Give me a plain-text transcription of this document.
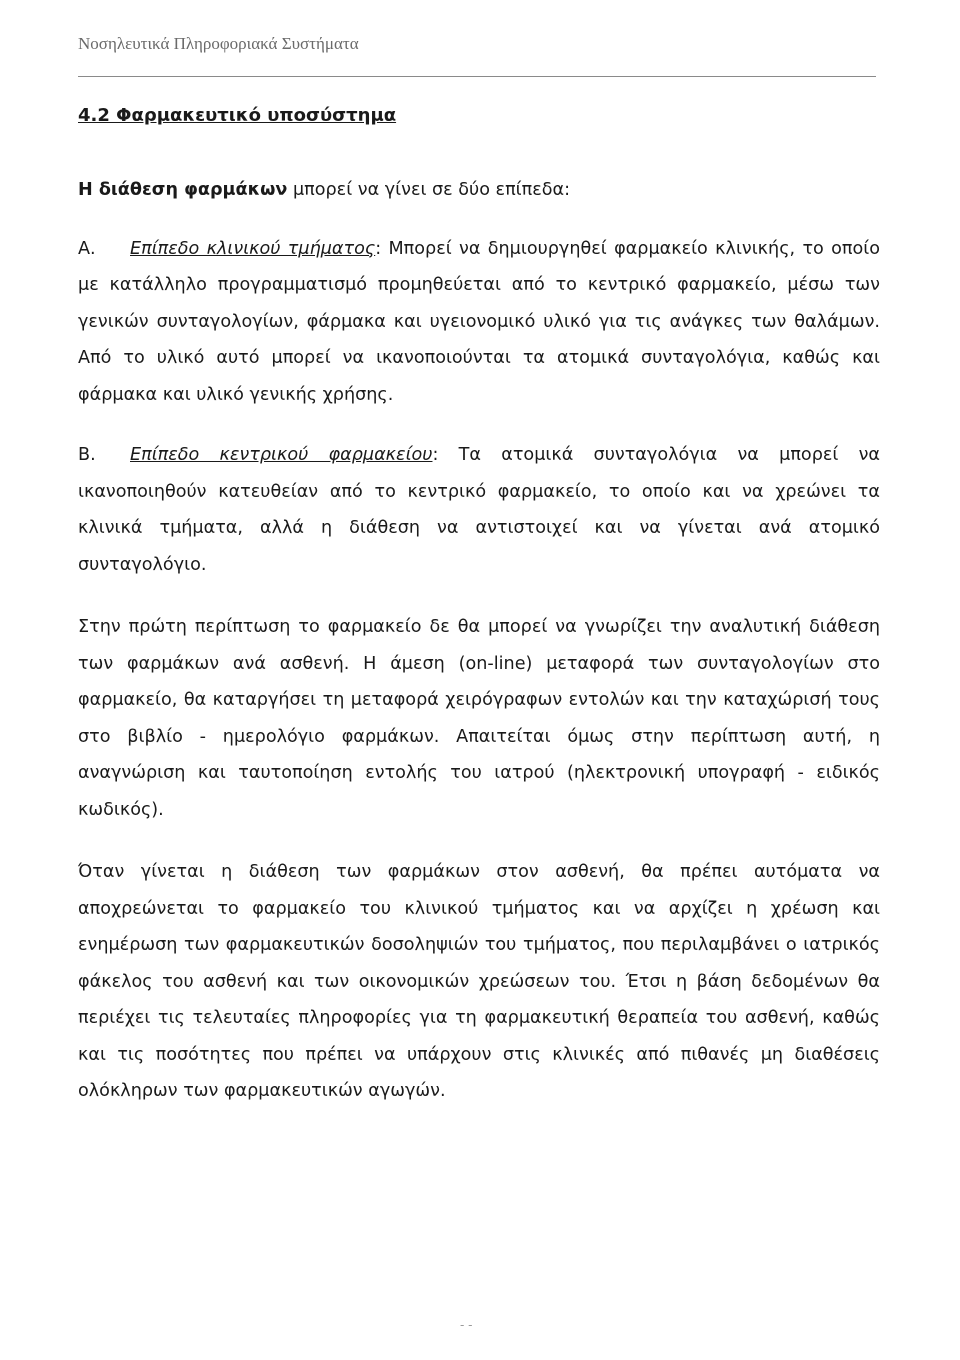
Νοσηλευτικά Πληροφοριακά Συστήματα
4.2 Φαρμακευτικό υποσύστημα

Η διάθεση φαρμάκων μπορεί να γίνει σε δύο επίπεδα:

Α. Επίπεδο κλινικού τμήματος: Μπορεί να δημιουργηθεί φαρμακείο κλινικής, το οποίο με κατάλληλο προγραμματισμό προμηθεύεται από το κεντρικό φαρμακείο, μέσω των γενικών συνταγολογίων, φάρμακα και υγειονομικό υλικό για τις ανάγκες των θαλάμων. Από το υλικό αυτό μπορεί να ικανοποιούνται τα ατομικά συνταγολόγια, καθώς και φάρμακα και υλικό γενικής χρήσης.

Β. Επίπεδο κεντρικού φαρμακείου: Τα ατομικά συνταγολόγια να μπορεί να ικανοποιηθούν κατευθείαν από το κεντρικό φαρμακείο, το οποίο και να χρεώνει τα κλινικά τμήματα, αλλά η διάθεση να αντιστοιχεί και να γίνεται ανά ατομικό συνταγολόγιο.

Στην πρώτη περίπτωση το φαρμακείο δε θα μπορεί να γνωρίζει την αναλυτική διάθεση των φαρμάκων ανά ασθενή. Η άμεση (on-line) μεταφορά των συνταγολογίων στο φαρμακείο, θα καταργήσει τη μεταφορά χειρόγραφων εντολών και την καταχώρισή τους στο βιβλίο - ημερολόγιο φαρμάκων. Απαιτείται όμως στην περίπτωση αυτή, η αναγνώριση και ταυτοποίηση εντολής του ιατρού (ηλεκτρονική υπογραφή - ειδικός κωδικός).

Όταν γίνεται η διάθεση των φαρμάκων στον ασθενή, θα πρέπει αυτόματα να αποχρεώνεται το φαρμακείο του κλινικού τμήματος και να αρχίζει η χρέωση και ενημέρωση των φαρμακευτικών δοσοληψιών του τμήματος, που περιλαμβάνει ο ιατρικός φάκελος του ασθενή και των οικονομικών χρεώσεων του. Έτσι η βάση δεδομένων θα περιέχει τις τελευταίες πληροφορίες για τη φαρμακευτική θεραπεία του ασθενή, καθώς και τις ποσότητες που πρέπει να υπάρχουν στις κλινικές από πιθανές μη διαθέσεις ολόκληρων των φαρμακευτικών αγωγών.

- -
